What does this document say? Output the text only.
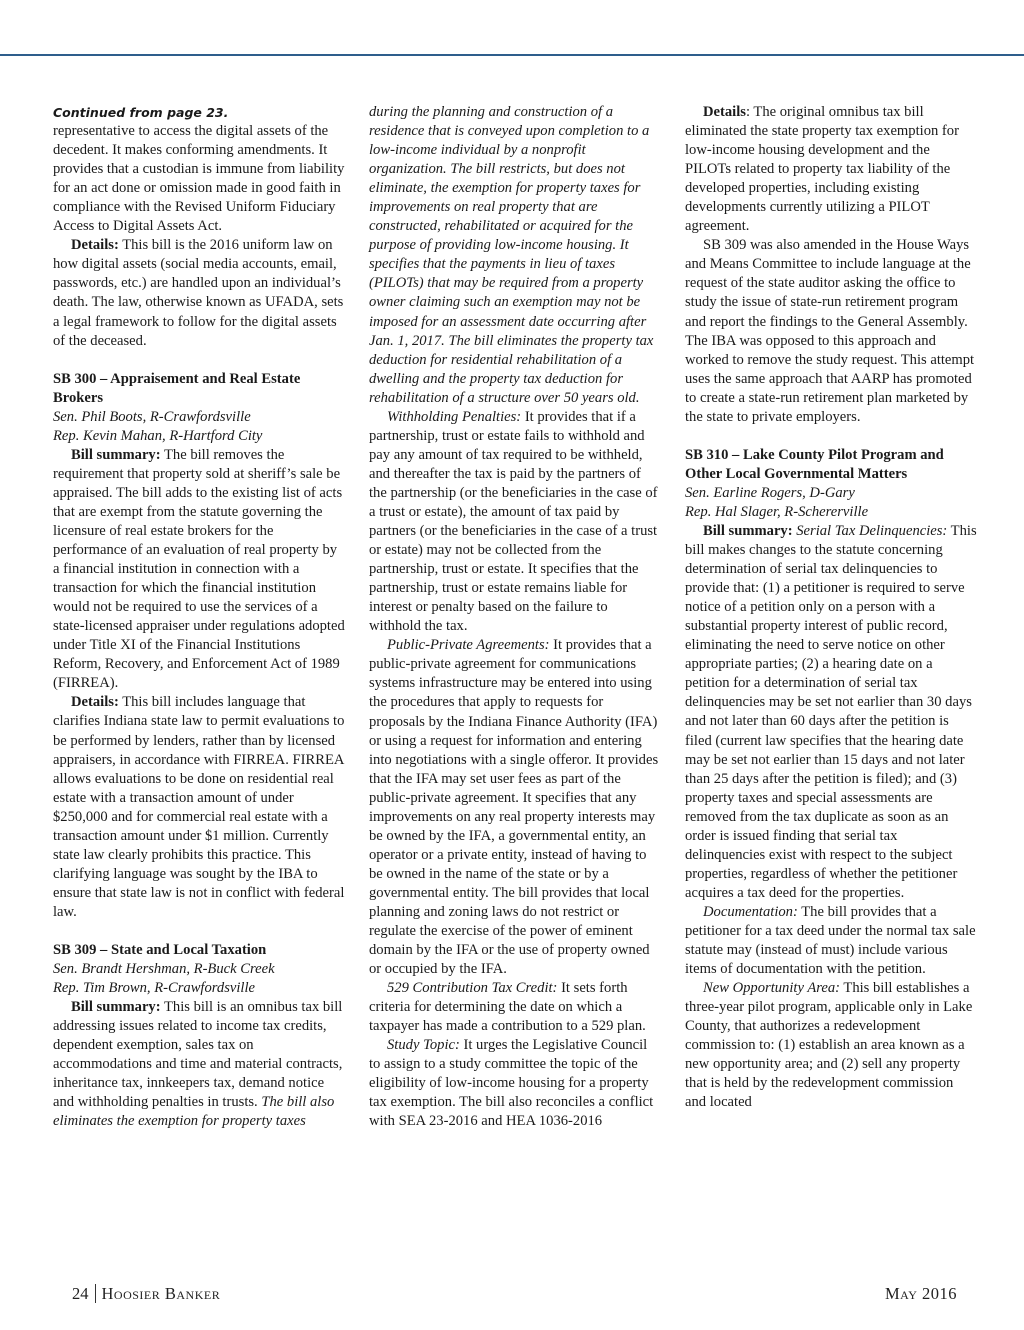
Continued from page 23.

representative to access the digital assets of the decedent. It makes conforming amendments. It provides that a custodian is immune from liability for an act done or omission made in good faith in compliance with the Revised Uniform Fiduciary Access to Digital Assets Act.

Details: This bill is the 2016 uniform law on how digital assets (social media accounts, email, passwords, etc.) are handled upon an individual’s death. The law, otherwise known as UFADA, sets a legal framework to follow for the digital assets of the deceased.

SB 300 – Appraisement and Real Estate Brokers

Sen. Phil Boots, R-Crawfordsville

Rep. Kevin Mahan, R-Hartford City

Bill summary: The bill removes the requirement that property sold at sheriff’s sale be appraised. The bill adds to the existing list of acts that are exempt from the statute governing the licensure of real estate brokers for the performance of an evaluation of real property by a financial institution in connection with a transaction for which the financial institution would not be required to use the services of a state-licensed appraiser under regulations adopted under Title XI of the Financial Institutions Reform, Recovery, and Enforcement Act of 1989 (FIRREA).

Details: This bill includes language that clarifies Indiana state law to permit evaluations to be performed by lenders, rather than by licensed appraisers, in accordance with FIRREA. FIRREA allows evaluations to be done on residential real estate with a transaction amount of under $250,000 and for commercial real estate with a transaction amount under $1 million. Currently state law clearly prohibits this practice. This clarifying language was sought by the IBA to ensure that state law is not in conflict with federal law.

SB 309 – State and Local Taxation

Sen. Brandt Hershman, R-Buck Creek

Rep. Tim Brown, R-Crawfordsville

Bill summary: This bill is an omnibus tax bill addressing issues related to income tax credits, dependent exemption, sales tax on accommodations and time and material contracts, inheritance tax, innkeepers tax, demand notice and withholding penalties in trusts. The bill also eliminates the exemption for property taxes

during the planning and construction of a residence that is conveyed upon completion to a low-income individual by a nonprofit organization. The bill restricts, but does not eliminate, the exemption for property taxes for improvements on real property that are constructed, rehabilitated or acquired for the purpose of providing low-income housing. It specifies that the payments in lieu of taxes (PILOTs) that may be required from a property owner claiming such an exemption may not be imposed for an assessment date occurring after Jan. 1, 2017. The bill eliminates the property tax deduction for residential rehabilitation of a dwelling and the property tax deduction for rehabilitation of a structure over 50 years old.

Withholding Penalties: It provides that if a partnership, trust or estate fails to withhold and pay any amount of tax required to be withheld, and thereafter the tax is paid by the partners of the partnership (or the beneficiaries in the case of a trust or estate), the amount of tax paid by partners (or the beneficiaries in the case of a trust or estate) may not be collected from the partnership, trust or estate. It specifies that the partnership, trust or estate remains liable for interest or penalty based on the failure to withhold the tax.

Public-Private Agreements: It provides that a public-private agreement for communications systems infrastructure may be entered into using the procedures that apply to requests for proposals by the Indiana Finance Authority (IFA) or using a request for information and entering into negotiations with a single offeror. It provides that the IFA may set user fees as part of the public-private agreement. It specifies that any improvements on any real property interests may be owned by the IFA, a governmental entity, an operator or a private entity, instead of having to be owned in the name of the state or by a governmental entity. The bill provides that local planning and zoning laws do not restrict or regulate the exercise of the power of eminent domain by the IFA or the use of property owned or occupied by the IFA.

529 Contribution Tax Credit: It sets forth criteria for determining the date on which a taxpayer has made a contribution to a 529 plan.

Study Topic: It urges the Legislative Council to assign to a study committee the topic of the eligibility of low-income housing for a property tax exemption. The bill also reconciles a conflict with SEA 23-2016 and HEA 1036-2016

Details: The original omnibus tax bill eliminated the state property tax exemption for low-income housing development and the PILOTs related to property tax liability of the developed properties, including existing developments currently utilizing a PILOT agreement.

SB 309 was also amended in the House Ways and Means Committee to include language at the request of the state auditor asking the office to study the issue of state-run retirement program and report the findings to the General Assembly. The IBA was opposed to this approach and worked to remove the study request. This attempt uses the same approach that AARP has promoted to create a state-run retirement plan marketed by the state to private employers.

SB 310 – Lake County Pilot Program and Other Local Governmental Matters

Sen. Earline Rogers, D-Gary

Rep. Hal Slager, R-Schererville

Bill summary: Serial Tax Delinquencies: This bill makes changes to the statute concerning determination of serial tax delinquencies to provide that: (1) a petitioner is required to serve notice of a petition only on a person with a substantial property interest of public record, eliminating the need to serve notice on other appropriate parties; (2) a hearing date on a petition for a determination of serial tax delinquencies may be set not earlier than 30 days and not later than 60 days after the petition is filed (current law specifies that the hearing date may be set not earlier than 15 days and not later than 25 days after the petition is filed); and (3) property taxes and special assessments are removed from the tax duplicate as soon as an order is issued finding that serial tax delinquencies exist with respect to the subject properties, regardless of whether the petitioner acquires a tax deed for the properties.

Documentation: The bill provides that a petitioner for a tax deed under the normal tax sale statute may (instead of must) include various items of documentation with the petition.

New Opportunity Area: This bill establishes a three-year pilot program, applicable only in Lake County, that authorizes a redevelopment commission to: (1) establish an area known as a new opportunity area; and (2) sell any property that is held by the redevelopment commission and located

24 Hoosier Banker	May 2016
